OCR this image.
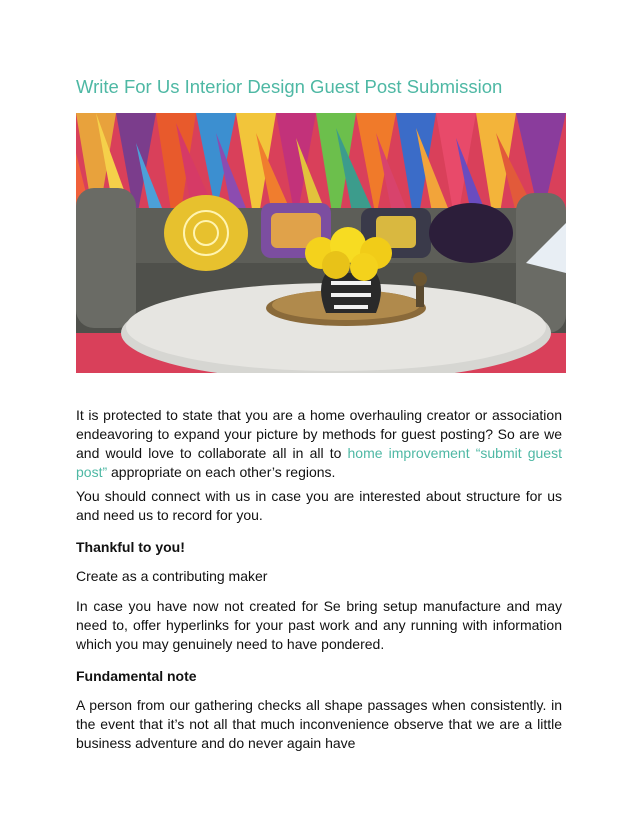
Write For Us Interior Design Guest Post Submission

It is protected to state that you are a home overhauling creator or association endeavoring to expand your picture by methods for guest posting? So are we and would love to collaborate all in all to home improvement “submit guest post” appropriate on each other’s regions.

You should connect with us in case you are interested about structure for us and need us to record for you.

Thankful to you!

Create as a contributing maker

In case you have now not created for Se bring setup manufacture and may need to, offer hyperlinks for your past work and any running with information which you may genuinely need to have pondered.

Fundamental note

A person from our gathering checks all shape passages when consistently. in the event that it’s not all that much inconvenience observe that we are a little business adventure and do never again have
